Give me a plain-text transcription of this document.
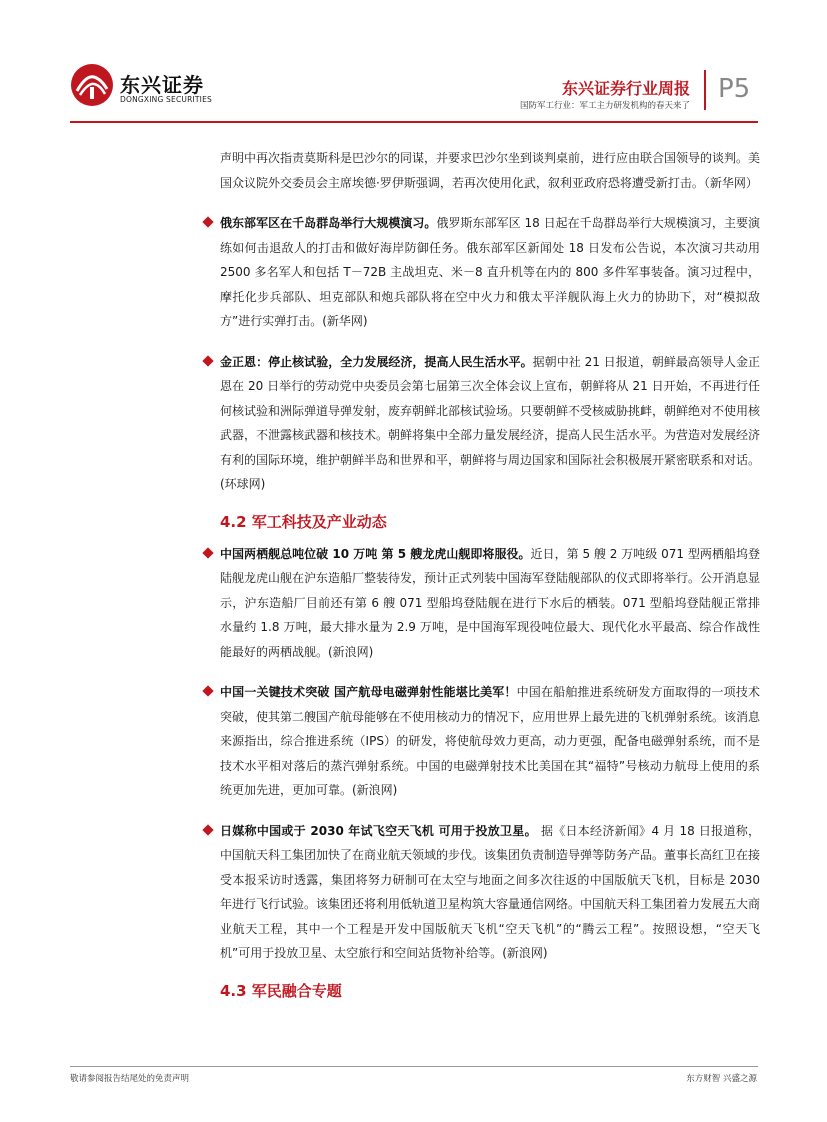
东兴证券
DONGXING SECURITIES
东兴证券行业周报
国防军工行业：军工主力研发机构的春天来了
P5

声明中再次指责莫斯科是巴沙尔的同谋，并要求巴沙尔坐到谈判桌前，进行应由联合国领导的谈判。美国众议院外交委员会主席埃德·罗伊斯强调，若再次使用化武，叙利亚政府恐将遭受新打击。（新华网）

俄东部军区在千岛群岛举行大规模演习。俄罗斯东部军区 18 日起在千岛群岛举行大规模演习，主要演练如何击退敌人的打击和做好海岸防御任务。俄东部军区新闻处 18 日发布公告说，本次演习共动用 2500 多名军人和包括 T－72B 主战坦克、米－8 直升机等在内的 800 多件军事装备。演习过程中，摩托化步兵部队、坦克部队和炮兵部队将在空中火力和俄太平洋舰队海上火力的协助下，对“模拟敌方”进行实弹打击。(新华网)
金正恩：停止核试验，全力发展经济，提高人民生活水平。据朝中社 21 日报道，朝鲜最高领导人金正恩在 20 日举行的劳动党中央委员会第七届第三次全体会议上宣布，朝鲜将从 21 日开始，不再进行任何核试验和洲际弹道导弹发射，废弃朝鲜北部核试验场。只要朝鲜不受核威胁挑衅，朝鲜绝对不使用核武器，不泄露核武器和核技术。朝鲜将集中全部力量发展经济，提高人民生活水平。为营造对发展经济有利的国际环境，维护朝鲜半岛和世界和平，朝鲜将与周边国家和国际社会积极展开紧密联系和对话。(环球网)
4.2 军工科技及产业动态
中国两栖舰总吨位破 10 万吨 第 5 艘龙虎山舰即将服役。近日，第 5 艘 2 万吨级 071 型两栖船坞登陆舰龙虎山舰在沪东造船厂整装待发，预计正式列装中国海军登陆舰部队的仪式即将举行。公开消息显示，沪东造船厂目前还有第 6 艘 071 型船坞登陆舰在进行下水后的栖装。071 型船坞登陆舰正常排水量约 1.8 万吨，最大排水量为 2.9 万吨，是中国海军现役吨位最大、现代化水平最高、综合作战性能最好的两栖战舰。(新浪网)
中国一关键技术突破 国产航母电磁弹射性能堪比美军！中国在船舶推进系统研发方面取得的一项技术突破，使其第二艘国产航母能够在不使用核动力的情况下，应用世界上最先进的飞机弹射系统。该消息来源指出，综合推进系统（IPS）的研发，将使航母效力更高，动力更强，配备电磁弹射系统，而不是技术水平相对落后的蒸汽弹射系统。中国的电磁弹射技术比美国在其“福特”号核动力航母上使用的系统更加先进，更加可靠。(新浪网)
日媒称中国或于 2030 年试飞空天飞机 可用于投放卫星。 据《日本经济新闻》4 月 18 日报道称，中国航天科工集团加快了在商业航天领域的步伐。该集团负责制造导弹等防务产品。董事长高红卫在接受本报采访时透露，集团将努力研制可在太空与地面之间多次往返的中国版航天飞机，目标是 2030 年进行飞行试验。该集团还将利用低轨道卫星构筑大容量通信网络。中国航天科工集团着力发展五大商业航天工程，其中一个工程是开发中国版航天飞机“空天飞机”的“腾云工程”。按照设想，“空天飞机”可用于投放卫星、太空旅行和空间站货物补给等。(新浪网)
4.3 军民融合专题
敬请参阅报告结尾处的免责声明	东方财智 兴盛之源
